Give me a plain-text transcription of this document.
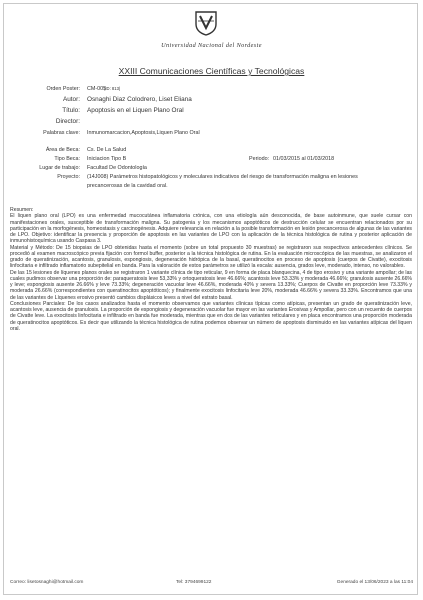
Universidad Nacional del Nordeste
XXIII Comunicaciones Científicas y Tecnológicas
Orden Poster: CM-005
(ID: 813)
Autor: Osnaghi Diaz Colodrero, Liset Eliana
Título: Apoptosis en el Liquen Plano Oral
Director:
Palabras clave: Inmunomarcacion,Apoptosis,Liquen Plano Oral
Área de Beca: Cs. De La Salud
Tipo Beca: Iniciacion Tipo B	Periodo: 01/03/2015 al 01/03/2018
Lugar de trabajo: Facultad De Odontología
Proyecto: (14J008) Parámetros histopatológicos y moleculares indicativos del riesgo de transformación maligna en lesiones
precancerosas de la cavidad oral.

Resumen:

El liquen plano oral (LPO) es una enfermedad mucocutánea inflamatoria crónica, con una etiología aún desconocida, de base autoinmune, que suele cursar con manifestaciones orales, susceptible de transformación maligna. Su patogenia y los mecanismos apoptóticos de destrucción celular se encuentran relacionados por su participación en la morfogénesis, homeostasis y carcinogénesis. Adquiere relevancia en relación a la posible transformación en lesión precancerosa de algunas de las variantes de LPO. Objetivo: identificar la presencia y proporción de apoptosis en las variantes de LPO con la aplicación de la técnica histológica de rutina y posterior aplicación de inmunohistoquímica usando Caspasa 3.

Material y Método: De 15 biopsias de LPO obtenidas hasta el momento (sobre un total propuesto 30 muestras) se registraron sus respectivos antecedentes clínicos. Se procedió al examen macroscópico previa fijación con formol buffer, posterior a la técnica histológica de rutina. En la evaluación microscópica de las muestras, se analizaron el grado de queratinización, acantosis, granulosis, espongiosis, degeneración hidrópica de la basal, queratinocitos en proceso de apoptosis (cuerpos de Civatte), exocitosis linfocitaria e infiltrado inflamatorio subepitelial en banda. Para la valoración de estos parámetros se utilizó la escala: ausencia, grados leve, moderado, intenso, no valorables.

De las 15 lesiones de líquenes planos orales se registraron 1 variante clínica de tipo reticular, 9 en forma de placa blanquecina, 4 de tipo erosivo y una variante ampollar; de las cuales pudimos observar una proporción de: paraqueratosis leve 53,33% y ortoqueratosis leve 46.66%; acantosis leve 53.33% y moderada 46.66%; granulosis ausente 26.66% y leve; espongiosis ausente 26.66% y leve 73.33%; degeneración vacuolar leve 46.66%, moderada 40% y severa 13.33%; Cuerpos de Civatte en proporción leve 73.33% y moderada 26.66% (correspondientes con queratinocitos apoptóticos); y finalmente exocitosis linfocitaria leve 20%, moderada 46.66% y severa 33.33%. Encontramos que una de las variantes de Líquenes erosivo presentó cambios displásicos leves a nivel del estrato basal.

Conclusiones Parciales: De los casos analizados hasta el momento observamos que variantes clínicas típicas como atípicas, presentan un grado de queratinización leve, acantosis leve, ausencia de granulosis. La proporción de espongiosis y degeneración vacuolar fue mayor en las variantes Erosivas y Ampollar, pero con un recuento de cuerpos de Civatte leve. La exocitosis linfocitaria e infiltrado en banda fue moderada, mientras que en dos de las variantes reticulares y en placa encontramos una proporción moderada de queratinocitos apoptóticos. Es decir que utilizando la técnica histológica de rutina podemos observar un número de apoptosis disminuido en las variantes atípicas del liquen oral.

Correo: lisetosnaghi@hotmail.com	Tel: 3794699122	Generado el 13/06/2023 a las 11:04
